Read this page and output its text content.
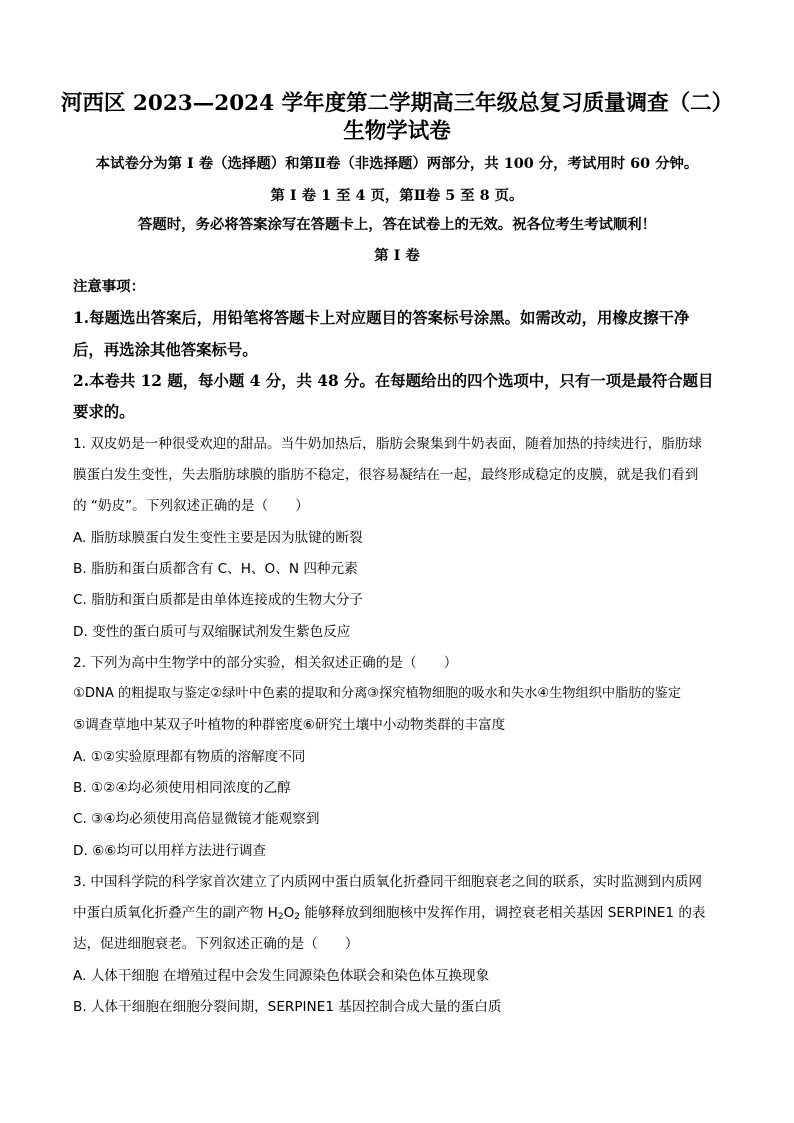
河西区 2023—2024 学年度第二学期高三年级总复习质量调查（二）
生物学试卷
本试卷分为第 I 卷（选择题）和第Ⅱ卷（非选择题）两部分，共 100 分，考试用时 60 分钟。
第 I 卷 1 至 4 页，第Ⅱ卷 5 至 8 页。
答题时，务必将答案涂写在答题卡上，答在试卷上的无效。祝各位考生考试顺利！
第 I 卷
注意事项：
1.每题选出答案后，用铅笔将答题卡上对应题目的答案标号涂黑。如需改动，用橡皮擦干净
后，再选涂其他答案标号。
2.本卷共 12 题，每小题 4 分，共 48 分。在每题给出的四个选项中，只有一项是最符合题目
要求的。
1. 双皮奶是一种很受欢迎的甜品。当牛奶加热后，脂肪会聚集到牛奶表面，随着加热的持续进行，脂肪球
膜蛋白发生变性，失去脂肪球膜的脂肪不稳定，很容易凝结在一起，最终形成稳定的皮膜，就是我们看到
的 “奶皮”。下列叙述正确的是（　　）
A. 脂肪球膜蛋白发生变性主要是因为肽键的断裂
B. 脂肪和蛋白质都含有 C、H、O、N 四种元素
C. 脂肪和蛋白质都是由单体连接成的生物大分子
D. 变性的蛋白质可与双缩脲试剂发生紫色反应
2. 下列为高中生物学中的部分实验，相关叙述正确的是（　　）
①DNA 的粗提取与鉴定②绿叶中色素的提取和分离③探究植物细胞的吸水和失水④生物组织中脂肪的鉴定
⑤调查草地中某双子叶植物的种群密度⑥研究土壤中小动物类群的丰富度
A. ①②实验原理都有物质的溶解度不同
B. ①②④均必须使用相同浓度的乙醇
C. ③④均必须使用高倍显微镜才能观察到
D. ⑥⑥均可以用样方法进行调查
3. 中国科学院的科学家首次建立了内质网中蛋白质氧化折叠同干细胞衰老之间的联系，实时监测到内质网
中蛋白质氧化折叠产生的副产物 $H_2O_2$ 能够释放到细胞核中发挥作用，调控衰老相关基因 SERPINE1 的表
达，促进细胞衰老。下列叙述正确的是（　　）
A. 人体干细胞 在增殖过程中会发生同源染色体联会和染色体互换现象
B. 人体干细胞在细胞分裂间期，SERPINE1 基因控制合成大量的蛋白质
